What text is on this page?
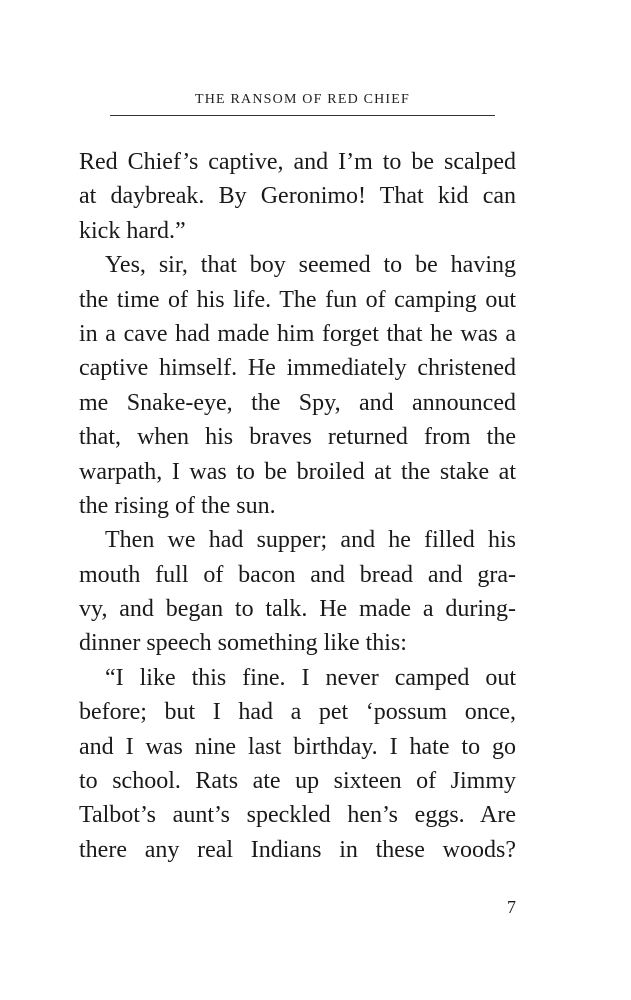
THE RANSOM OF RED CHIEF
Red Chief’s captive, and I’m to be scalped
at daybreak. By Geronimo! That kid can
kick hard.”
Yes, sir, that boy seemed to be having
the time of his life. The fun of camping out
in a cave had made him forget that he was a
captive himself. He immediately christened
me Snake-eye, the Spy, and announced
that, when his braves returned from the
warpath, I was to be broiled at the stake at
the rising of the sun.
Then we had supper; and he filled his
mouth full of bacon and bread and gra-
vy, and began to talk. He made a during-
dinner speech something like this:
“I like this fine. I never camped out
before; but I had a pet ‘possum once,
and I was nine last birthday. I hate to go
to school. Rats ate up sixteen of Jimmy
Talbot’s aunt’s speckled hen’s eggs. Are
there any real Indians in these woods?
7
